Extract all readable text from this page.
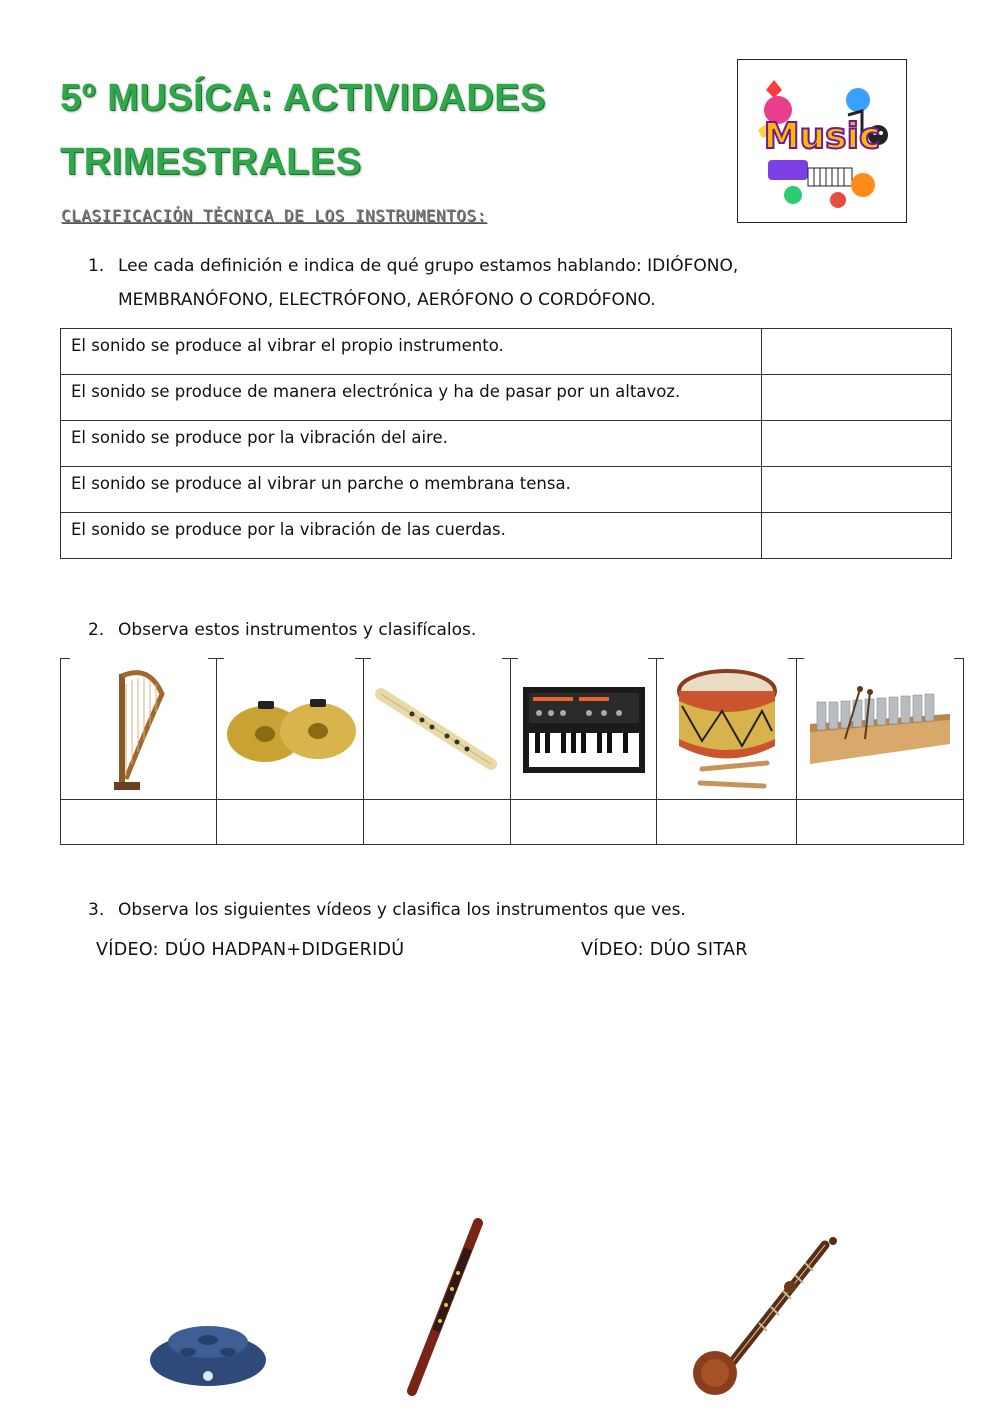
5º MUSÍCA: ACTIVIDADES
TRIMESTRALES
Music
CLASIFICACIÓN TÉCNICA DE LOS INSTRUMENTOS:
1. Lee cada definición e indica de qué grupo estamos hablando: IDIÓFONO,
MEMBRANÓFONO, ELECTRÓFONO, AERÓFONO O CORDÓFONO.
El sonido se produce al vibrar el propio instrumento.	
El sonido se produce de manera electrónica y ha de pasar por un altavoz.	
El sonido se produce por la vibración del aire.	
El sonido se produce al vibrar un parche o membrana tensa.	
El sonido se produce por la vibración de las cuerdas.	
2. Observa estos instrumentos y clasifícalos.
3. Observa los siguientes vídeos y clasifica los instrumentos que ves.
VÍDEO: DÚO HADPAN+DIDGERIDÚ	VÍDEO: DÚO SITAR
